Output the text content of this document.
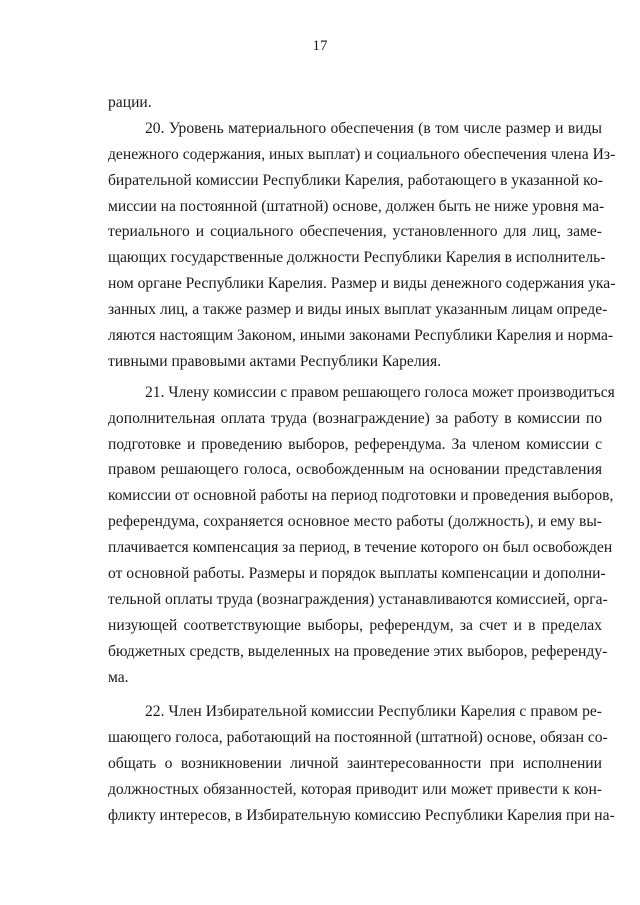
17
рации.
20. Уровень материального обеспечения (в том числе размер и виды
денежного содержания, иных выплат) и социального обеспечения члена Из-
бирательной комиссии Республики Карелия, работающего в указанной ко-
миссии на постоянной (штатной) основе, должен быть не ниже уровня ма-
териального и социального обеспечения, установленного для лиц, заме-
щающих государственные должности Республики Карелия в исполнитель-
ном органе Республики Карелия. Размер и виды денежного содержания ука-
занных лиц, а также размер и виды иных выплат указанным лицам опреде-
ляются настоящим Законом, иными законами Республики Карелия и норма-
тивными правовыми актами Республики Карелия.
21. Члену комиссии с правом решающего голоса может производиться
дополнительная оплата труда (вознаграждение) за работу в комиссии по
подготовке и проведению выборов, референдума. За членом комиссии с
правом решающего голоса, освобожденным на основании представления
комиссии от основной работы на период подготовки и проведения выборов,
референдума, сохраняется основное место работы (должность), и ему вы-
плачивается компенсация за период, в течение которого он был освобожден
от основной работы. Размеры и порядок выплаты компенсации и дополни-
тельной оплаты труда (вознаграждения) устанавливаются комиссией, орга-
низующей соответствующие выборы, референдум, за счет и в пределах
бюджетных средств, выделенных на проведение этих выборов, референду-
ма.
22. Член Избирательной комиссии Республики Карелия с правом ре-
шающего голоса, работающий на постоянной (штатной) основе, обязан со-
общать о возникновении личной заинтересованности при исполнении
должностных обязанностей, которая приводит или может привести к кон-
фликту интересов, в Избирательную комиссию Республики Карелия при на-
